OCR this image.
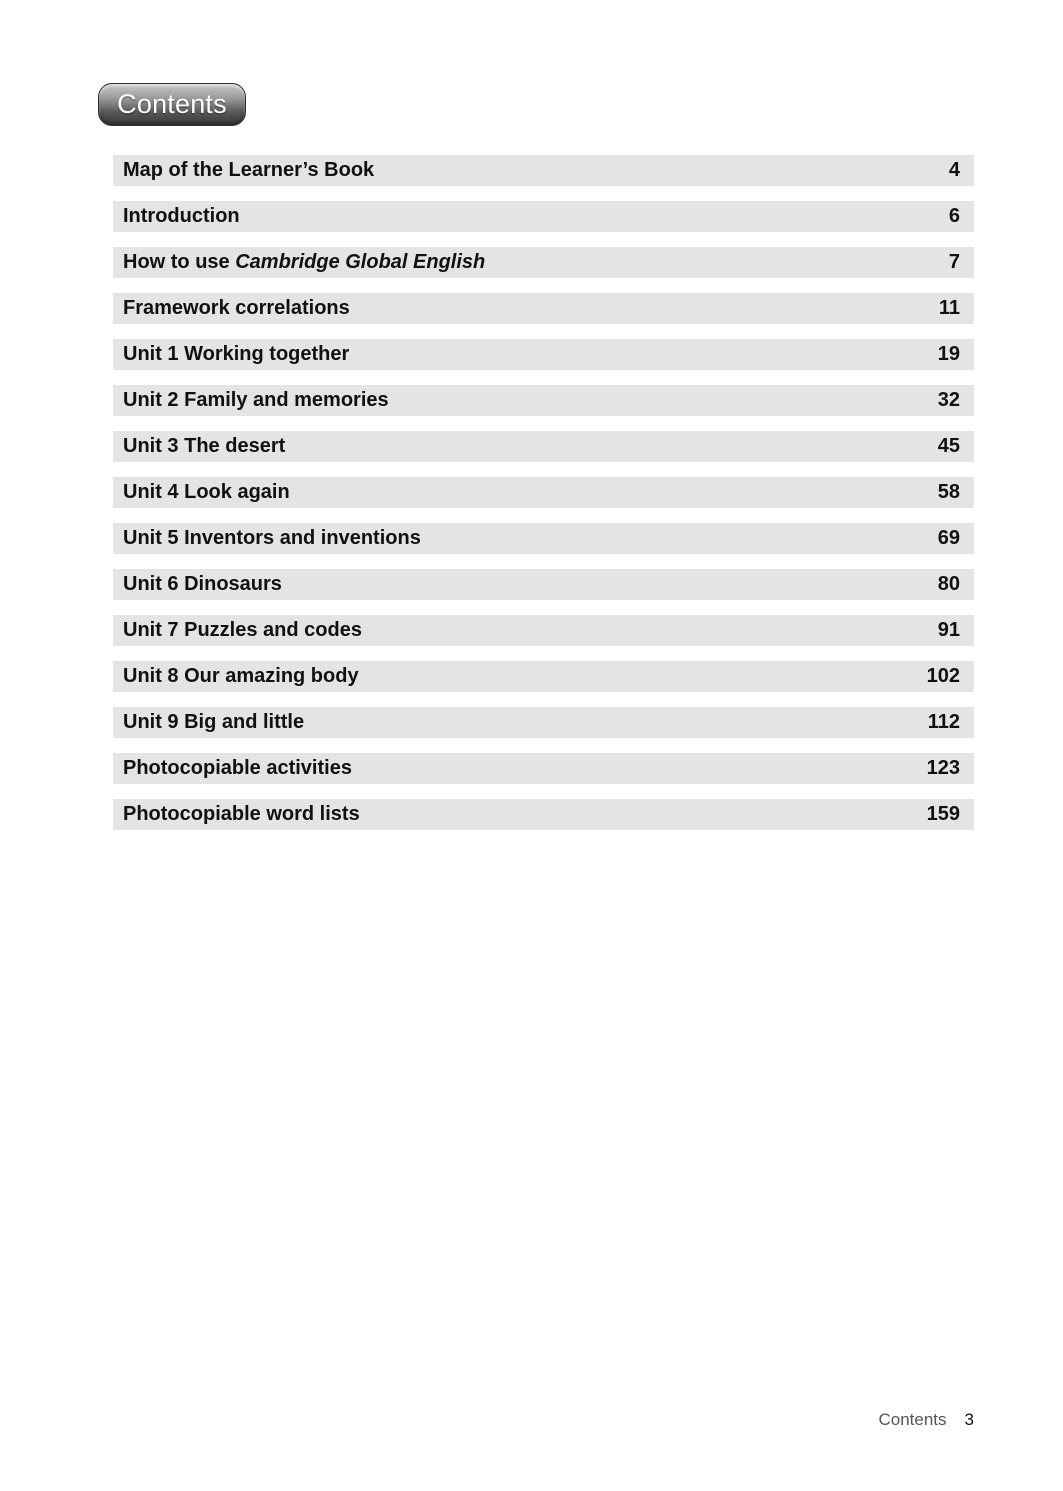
Contents
Map of the Learner’s Book	4
Introduction	6
How to use Cambridge Global English	7
Framework correlations	11
Unit 1 Working together	19
Unit 2 Family and memories	32
Unit 3 The desert	45
Unit 4 Look again	58
Unit 5 Inventors and inventions	69
Unit 6 Dinosaurs	80
Unit 7 Puzzles and codes	91
Unit 8 Our amazing body	102
Unit 9 Big and little	112
Photocopiable activities	123
Photocopiable word lists	159
Contents 3
